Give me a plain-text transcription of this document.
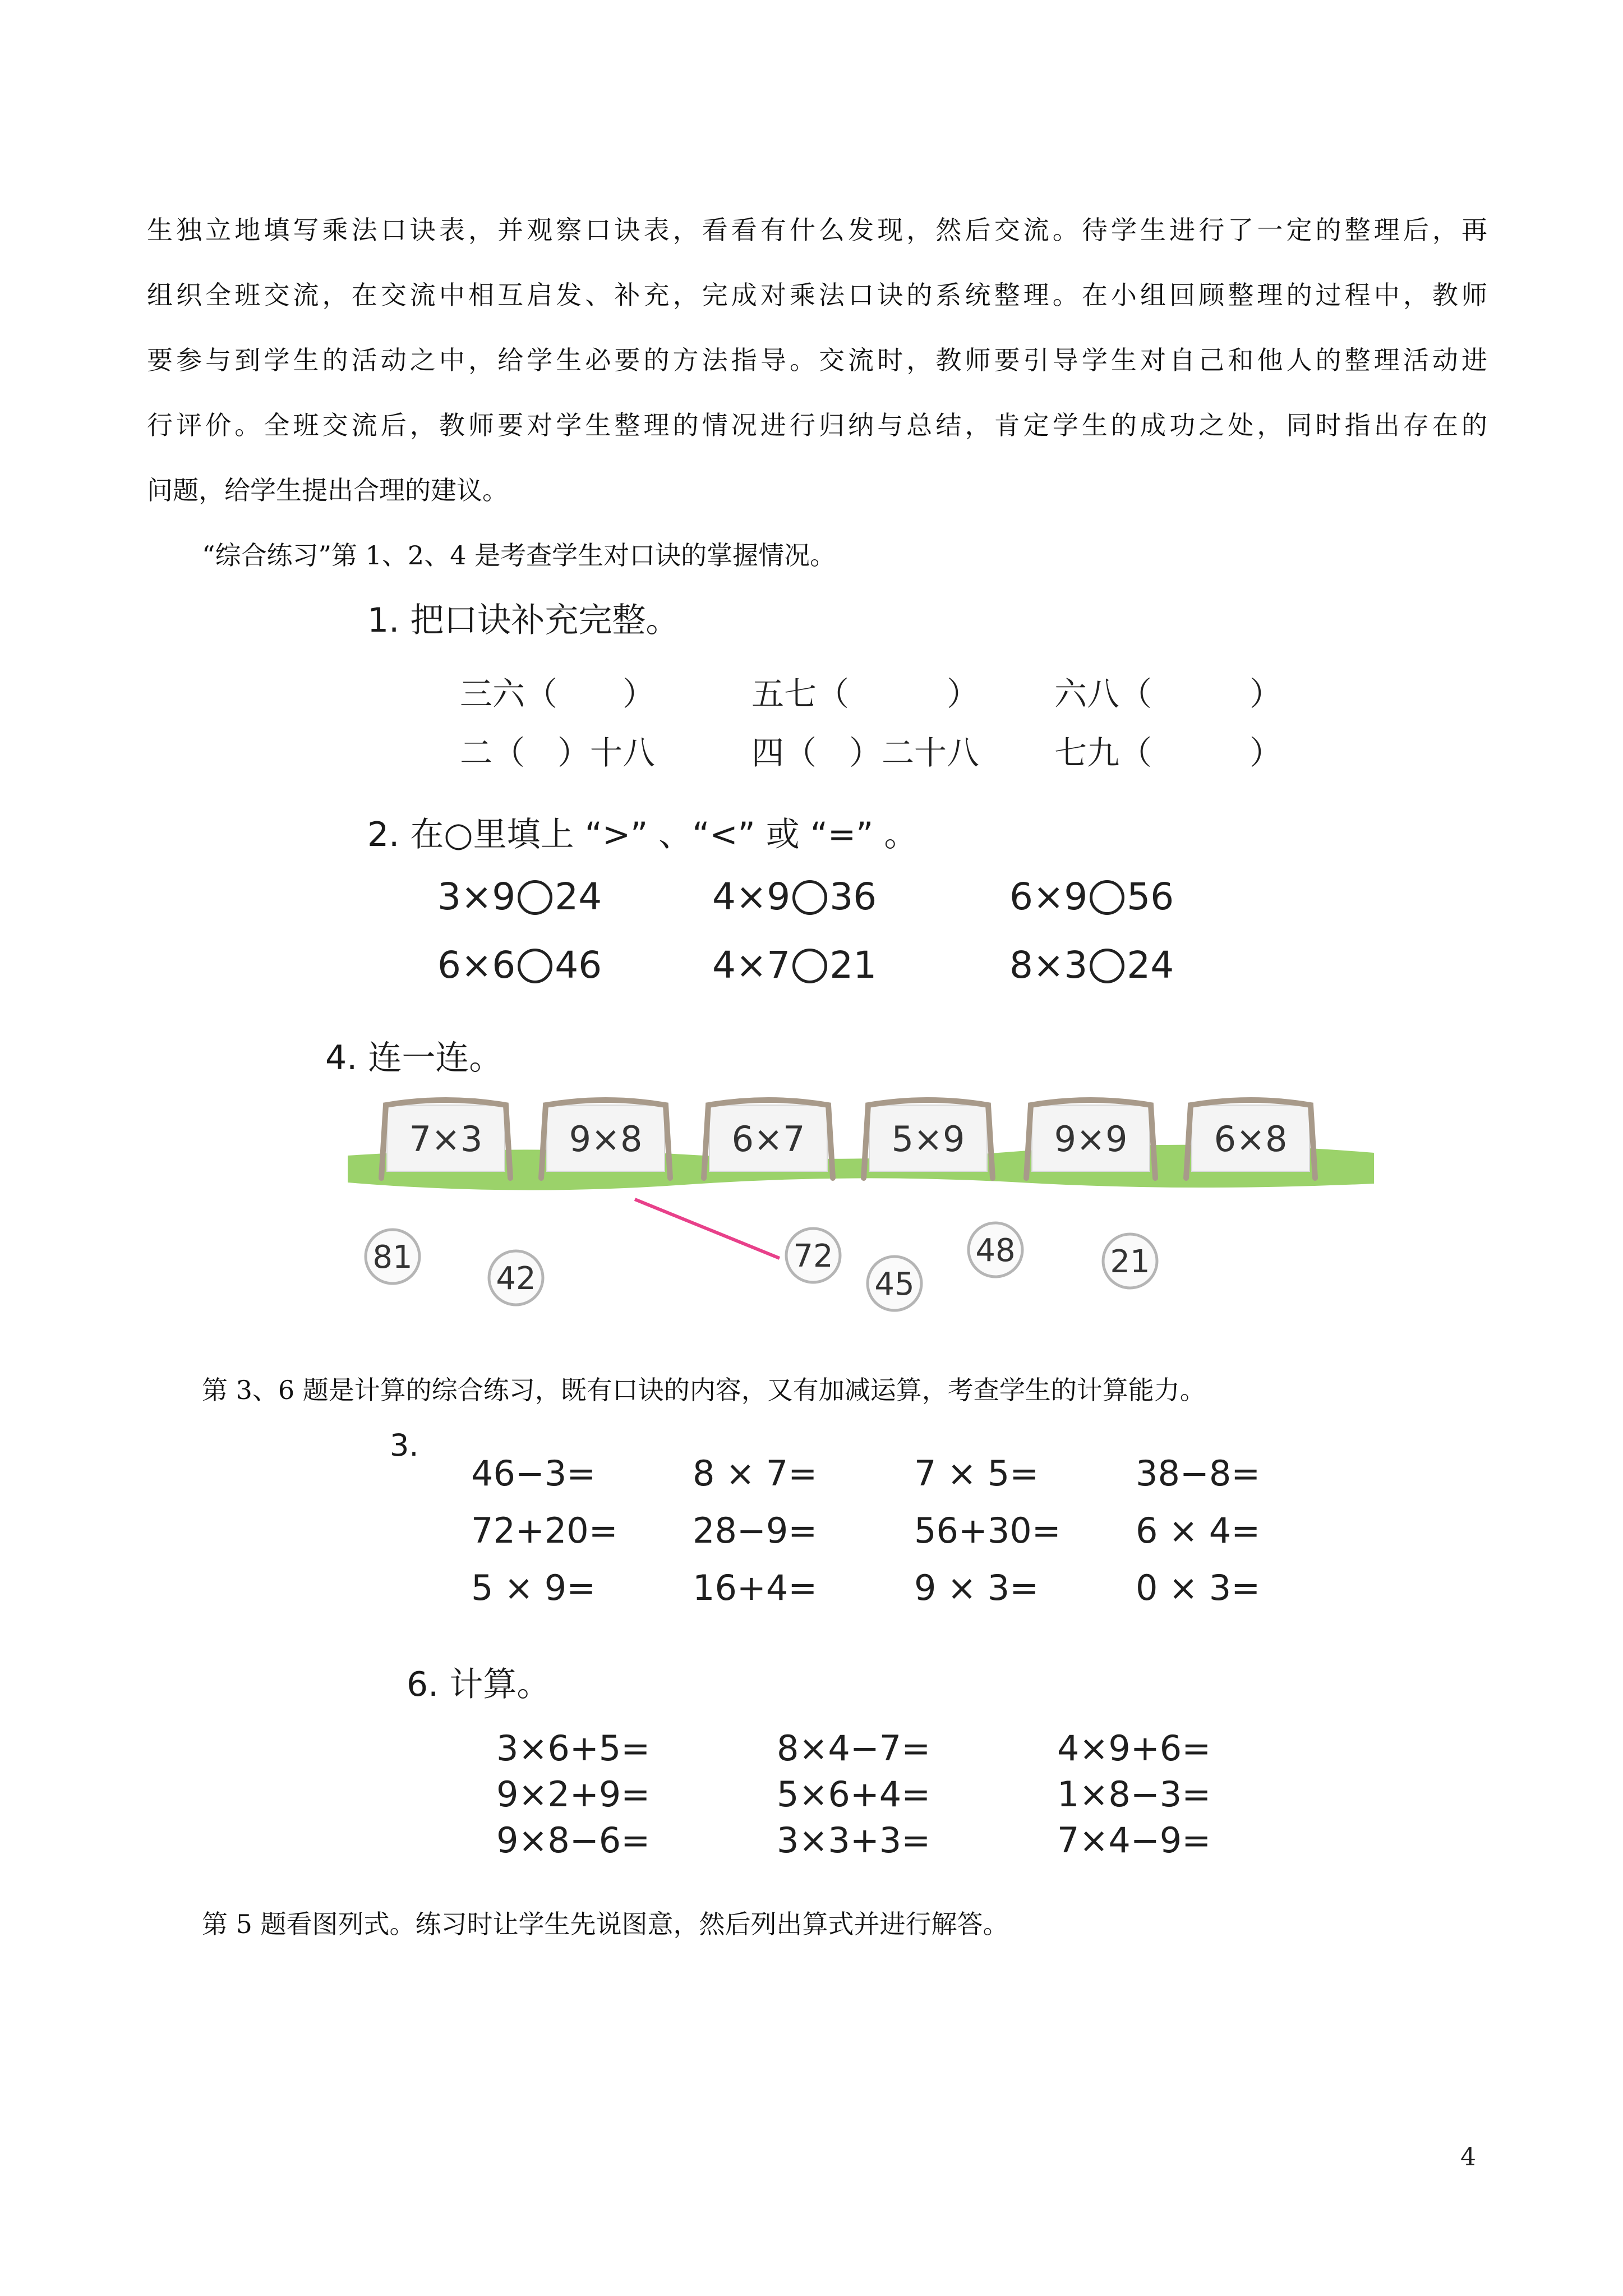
生独立地填写乘法口诀表，并观察口诀表，看看有什么发现，然后交流。待学生进行了一定的整理后，再
组织全班交流，在交流中相互启发、补充，完成对乘法口诀的系统整理。在小组回顾整理的过程中，教师
要参与到学生的活动之中，给学生必要的方法指导。交流时，教师要引导学生对自己和他人的整理活动进
行评价。全班交流后，教师要对学生整理的情况进行归纳与总结，肯定学生的成功之处，同时指出存在的
问题，给学生提出合理的建议。
“综合练习”第 1、2、4 是考查学生对口诀的掌握情况。
1. 把口诀补充完整。
三六（　　）	五七（　　　） 六八（　　　）
二（　）十八	四（　）二十八 七九（　　　）
2. 在○里填上 “>” 、“<” 或 “=” 。
3×9 24	4×9 36	6×9 56
6×6 46	4×7 21	8×3 24
4. 连一连。
7×3 9×8	6×7 5×9	9×9 6×8
81
42
72
45
48	21
第 3、6 题是计算的综合练习，既有口诀的内容，又有加减运算，考查学生的计算能力。
3.
46−3=	8 × 7=	7 × 5=	38−8=
72+20= 28−9=	56+30= 6 × 4=
5 × 9=	16+4=	9 × 3=	0 × 3=
6. 计算。
3×6+5=	8×4−7=	4×9+6=
9×2+9=	5×6+4=	1×8−3=
9×8−6=	3×3+3=	7×4−9=
第 5 题看图列式。练习时让学生先说图意，然后列出算式并进行解答。
4
